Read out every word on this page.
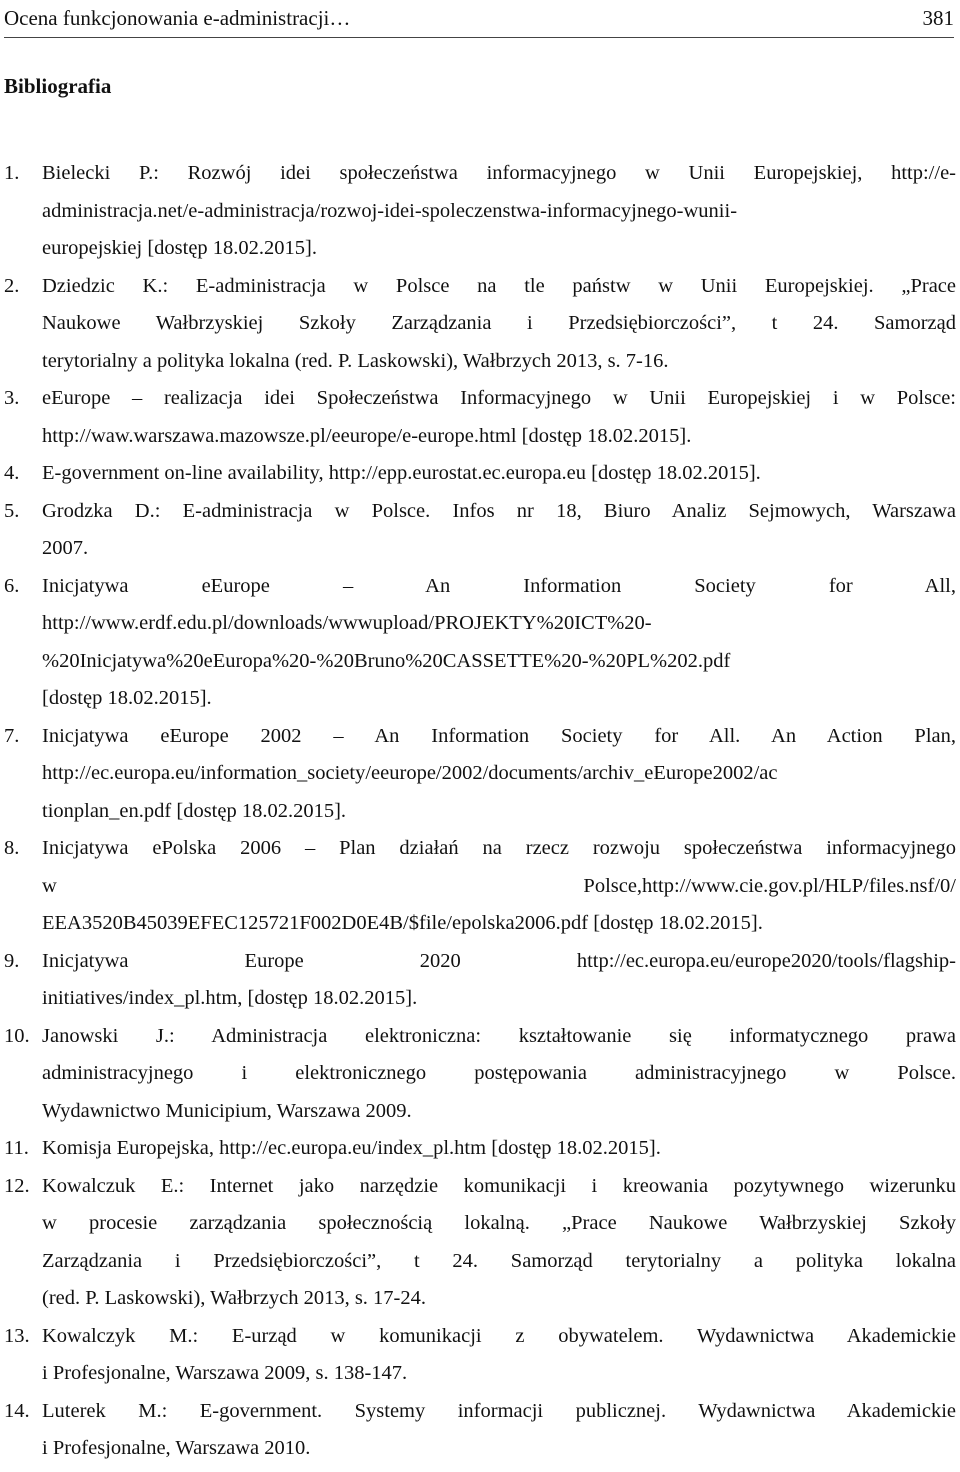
Ocena funkcjonowania e-administracji…	381
Bibliografia
1. Bielecki P.: Rozwój idei społeczeństwa informacyjnego w Unii Europejskiej, http://e-
administracja.net/e-administracja/rozwoj-idei-spoleczenstwa-informacyjnego-wunii-
europejskiej [dostęp 18.02.2015].
2. Dziedzic K.: E-administracja w Polsce na tle państw w Unii Europejskiej. „Prace
Naukowe Wałbrzyskiej Szkoły Zarządzania i Przedsiębiorczości”, t 24. Samorząd
terytorialny a polityka lokalna (red. P. Laskowski), Wałbrzych 2013, s. 7-16.
3. eEurope – realizacja idei Społeczeństwa Informacyjnego w Unii Europejskiej i w Polsce:
http://waw.warszawa.mazowsze.pl/eeurope/e-europe.html [dostęp 18.02.2015].
4. E-government on-line availability, http://epp.eurostat.ec.europa.eu [dostęp 18.02.2015].
5. Grodzka D.: E-administracja w Polsce. Infos nr 18, Biuro Analiz Sejmowych, Warszawa
2007.
6. Inicjatywa eEurope – An Information Society for All,
http://www.erdf.edu.pl/downloads/wwwupload/PROJEKTY%20ICT%20-
%20Inicjatywa%20eEuropa%20-%20Bruno%20CASSETTE%20-%20PL%202.pdf
[dostęp 18.02.2015].
7. Inicjatywa eEurope 2002 – An Information Society for All. An Action Plan,
http://ec.europa.eu/information_society/eeurope/2002/documents/archiv_eEurope2002/ac
tionplan_en.pdf [dostęp 18.02.2015].
8. Inicjatywa ePolska 2006 – Plan działań na rzecz rozwoju społeczeństwa informacyjnego
w Polsce,http://www.cie.gov.pl/HLP/files.nsf/0/
EEA3520B45039EFEC125721F002D0E4B/$file/epolska2006.pdf [dostęp 18.02.2015].
9. Inicjatywa Europe 2020 http://ec.europa.eu/europe2020/tools/flagship-
initiatives/index_pl.htm, [dostęp 18.02.2015].
10. Janowski J.: Administracja elektroniczna: kształtowanie się informatycznego prawa
administracyjnego i elektronicznego postępowania administracyjnego w Polsce.
Wydawnictwo Municipium, Warszawa 2009.
11. Komisja Europejska, http://ec.europa.eu/index_pl.htm [dostęp 18.02.2015].
12. Kowalczuk E.: Internet jako narzędzie komunikacji i kreowania pozytywnego wizerunku
w procesie zarządzania społecznością lokalną. „Prace Naukowe Wałbrzyskiej Szkoły
Zarządzania i Przedsiębiorczości”, t 24. Samorząd terytorialny a polityka lokalna
(red. P. Laskowski), Wałbrzych 2013, s. 17-24.
13. Kowalczyk M.: E-urząd w komunikacji z obywatelem. Wydawnictwa Akademickie
i Profesjonalne, Warszawa 2009, s. 138-147.
14. Luterek M.: E-government. Systemy informacji publicznej. Wydawnictwa Akademickie
i Profesjonalne, Warszawa 2010.
